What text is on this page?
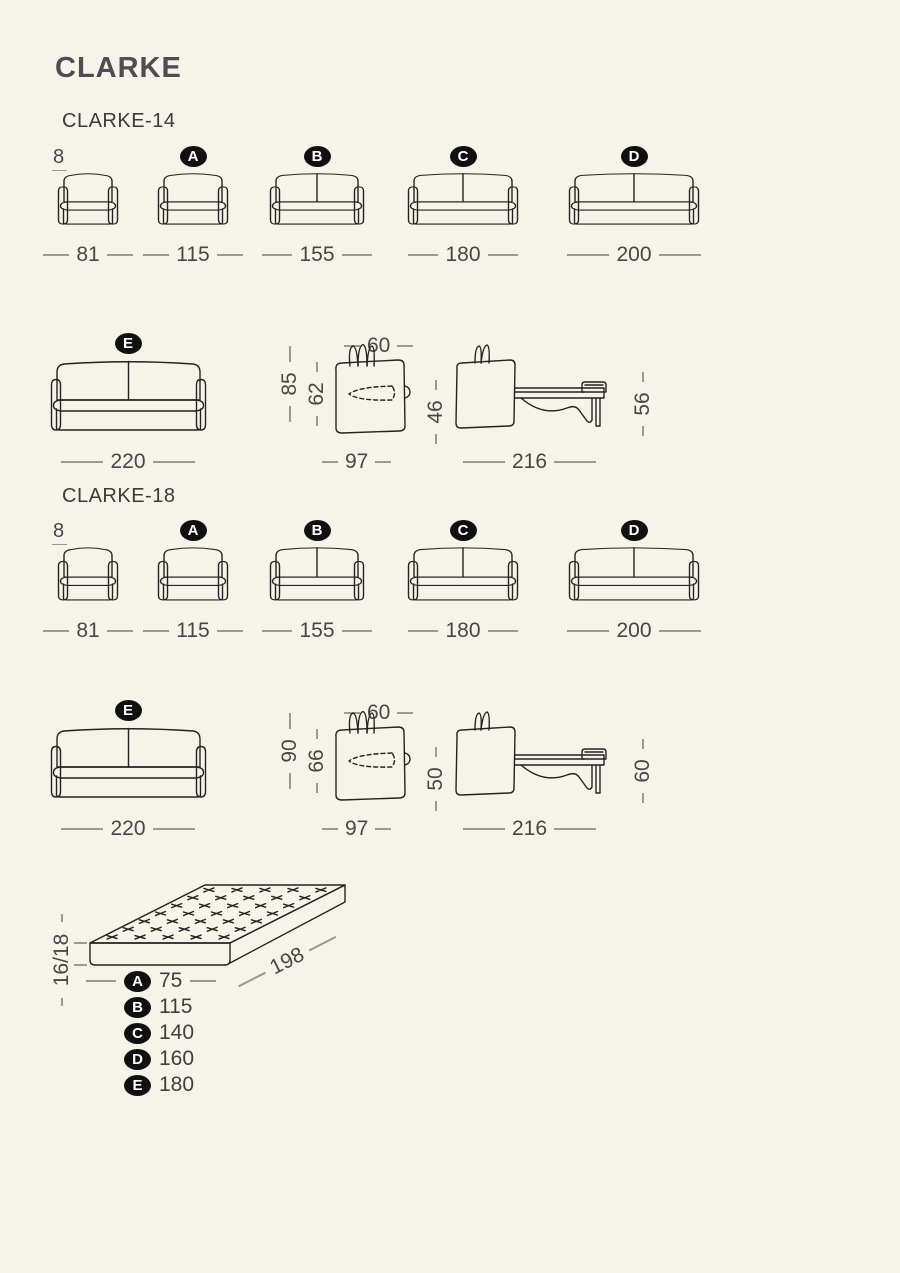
CLARKE
CLARKE-14
8
81
A
115
B
155
C
180
D
200
E
220
85 62
60
46
97
56
216
CLARKE-18
8
81
A
115
B
155
C
180
D
200
E
220
90 66
60
50
97
60
216
16/18	198
A 75
B 115
C 140
D 160
E 180
